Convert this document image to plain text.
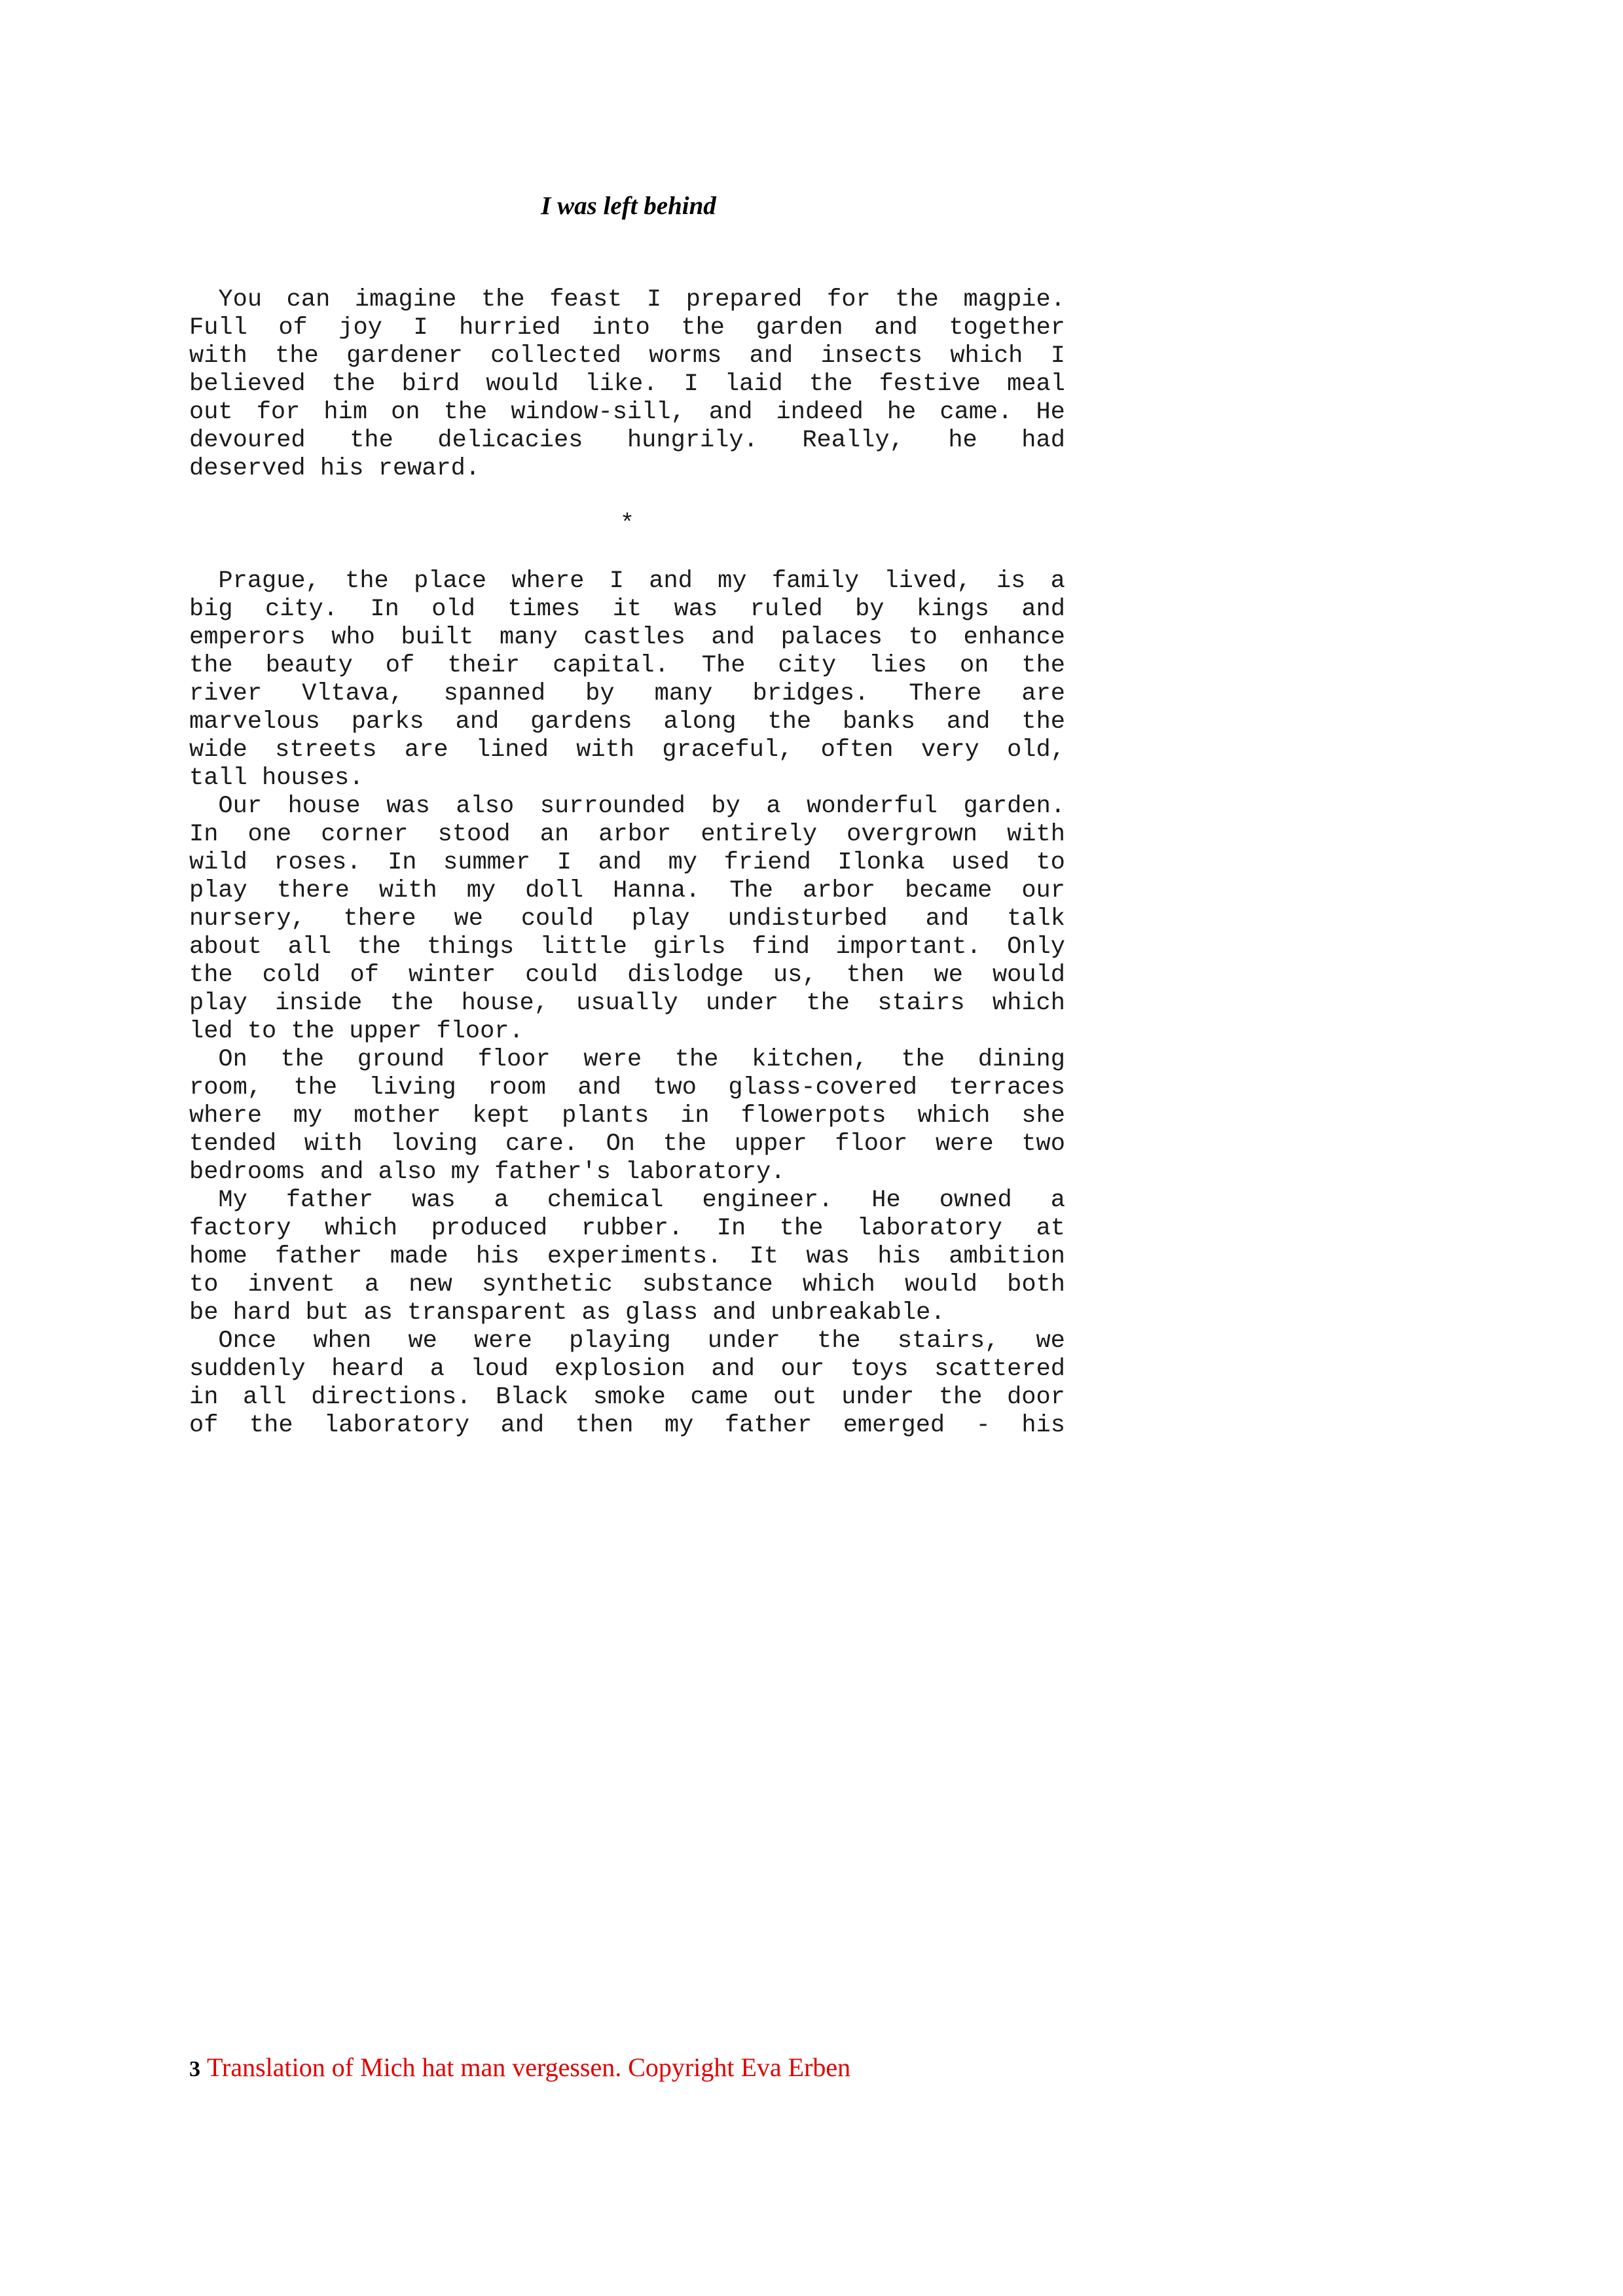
I was left behind
You can imagine the feast I prepared for the magpie.
Full of joy I hurried into the garden and together
with the gardener collected worms and insects which I
believed the bird would like. I laid the festive meal
out for him on the window-sill, and indeed he came. He
devoured the delicacies hungrily. Really, he had
deserved his reward.
*
Prague, the place where I and my family lived, is a
big city. In old times it was ruled by kings and
emperors who built many castles and palaces to enhance
the beauty of their capital. The city lies on the
river Vltava, spanned by many bridges. There are
marvelous parks and gardens along the banks and the
wide streets are lined with graceful, often very old,
tall houses.
Our house was also surrounded by a wonderful garden.
In one corner stood an arbor entirely overgrown with
wild roses. In summer I and my friend Ilonka used to
play there with my doll Hanna. The arbor became our
nursery, there we could play undisturbed and talk
about all the things little girls find important. Only
the cold of winter could dislodge us, then we would
play inside the house, usually under the stairs which
led to the upper floor.
On the ground floor were the kitchen, the dining
room, the living room and two glass-covered terraces
where my mother kept plants in flowerpots which she
tended with loving care. On the upper floor were two
bedrooms and also my father's laboratory.
My father was a chemical engineer. He owned a
factory which produced rubber. In the laboratory at
home father made his experiments. It was his ambition
to invent a new synthetic substance which would both
be hard but as transparent as glass and unbreakable.
Once when we were playing under the stairs, we
suddenly heard a loud explosion and our toys scattered
in all directions. Black smoke came out under the door
of the laboratory and then my father emerged - his
3 Translation of Mich hat man vergessen. Copyright Eva Erben
